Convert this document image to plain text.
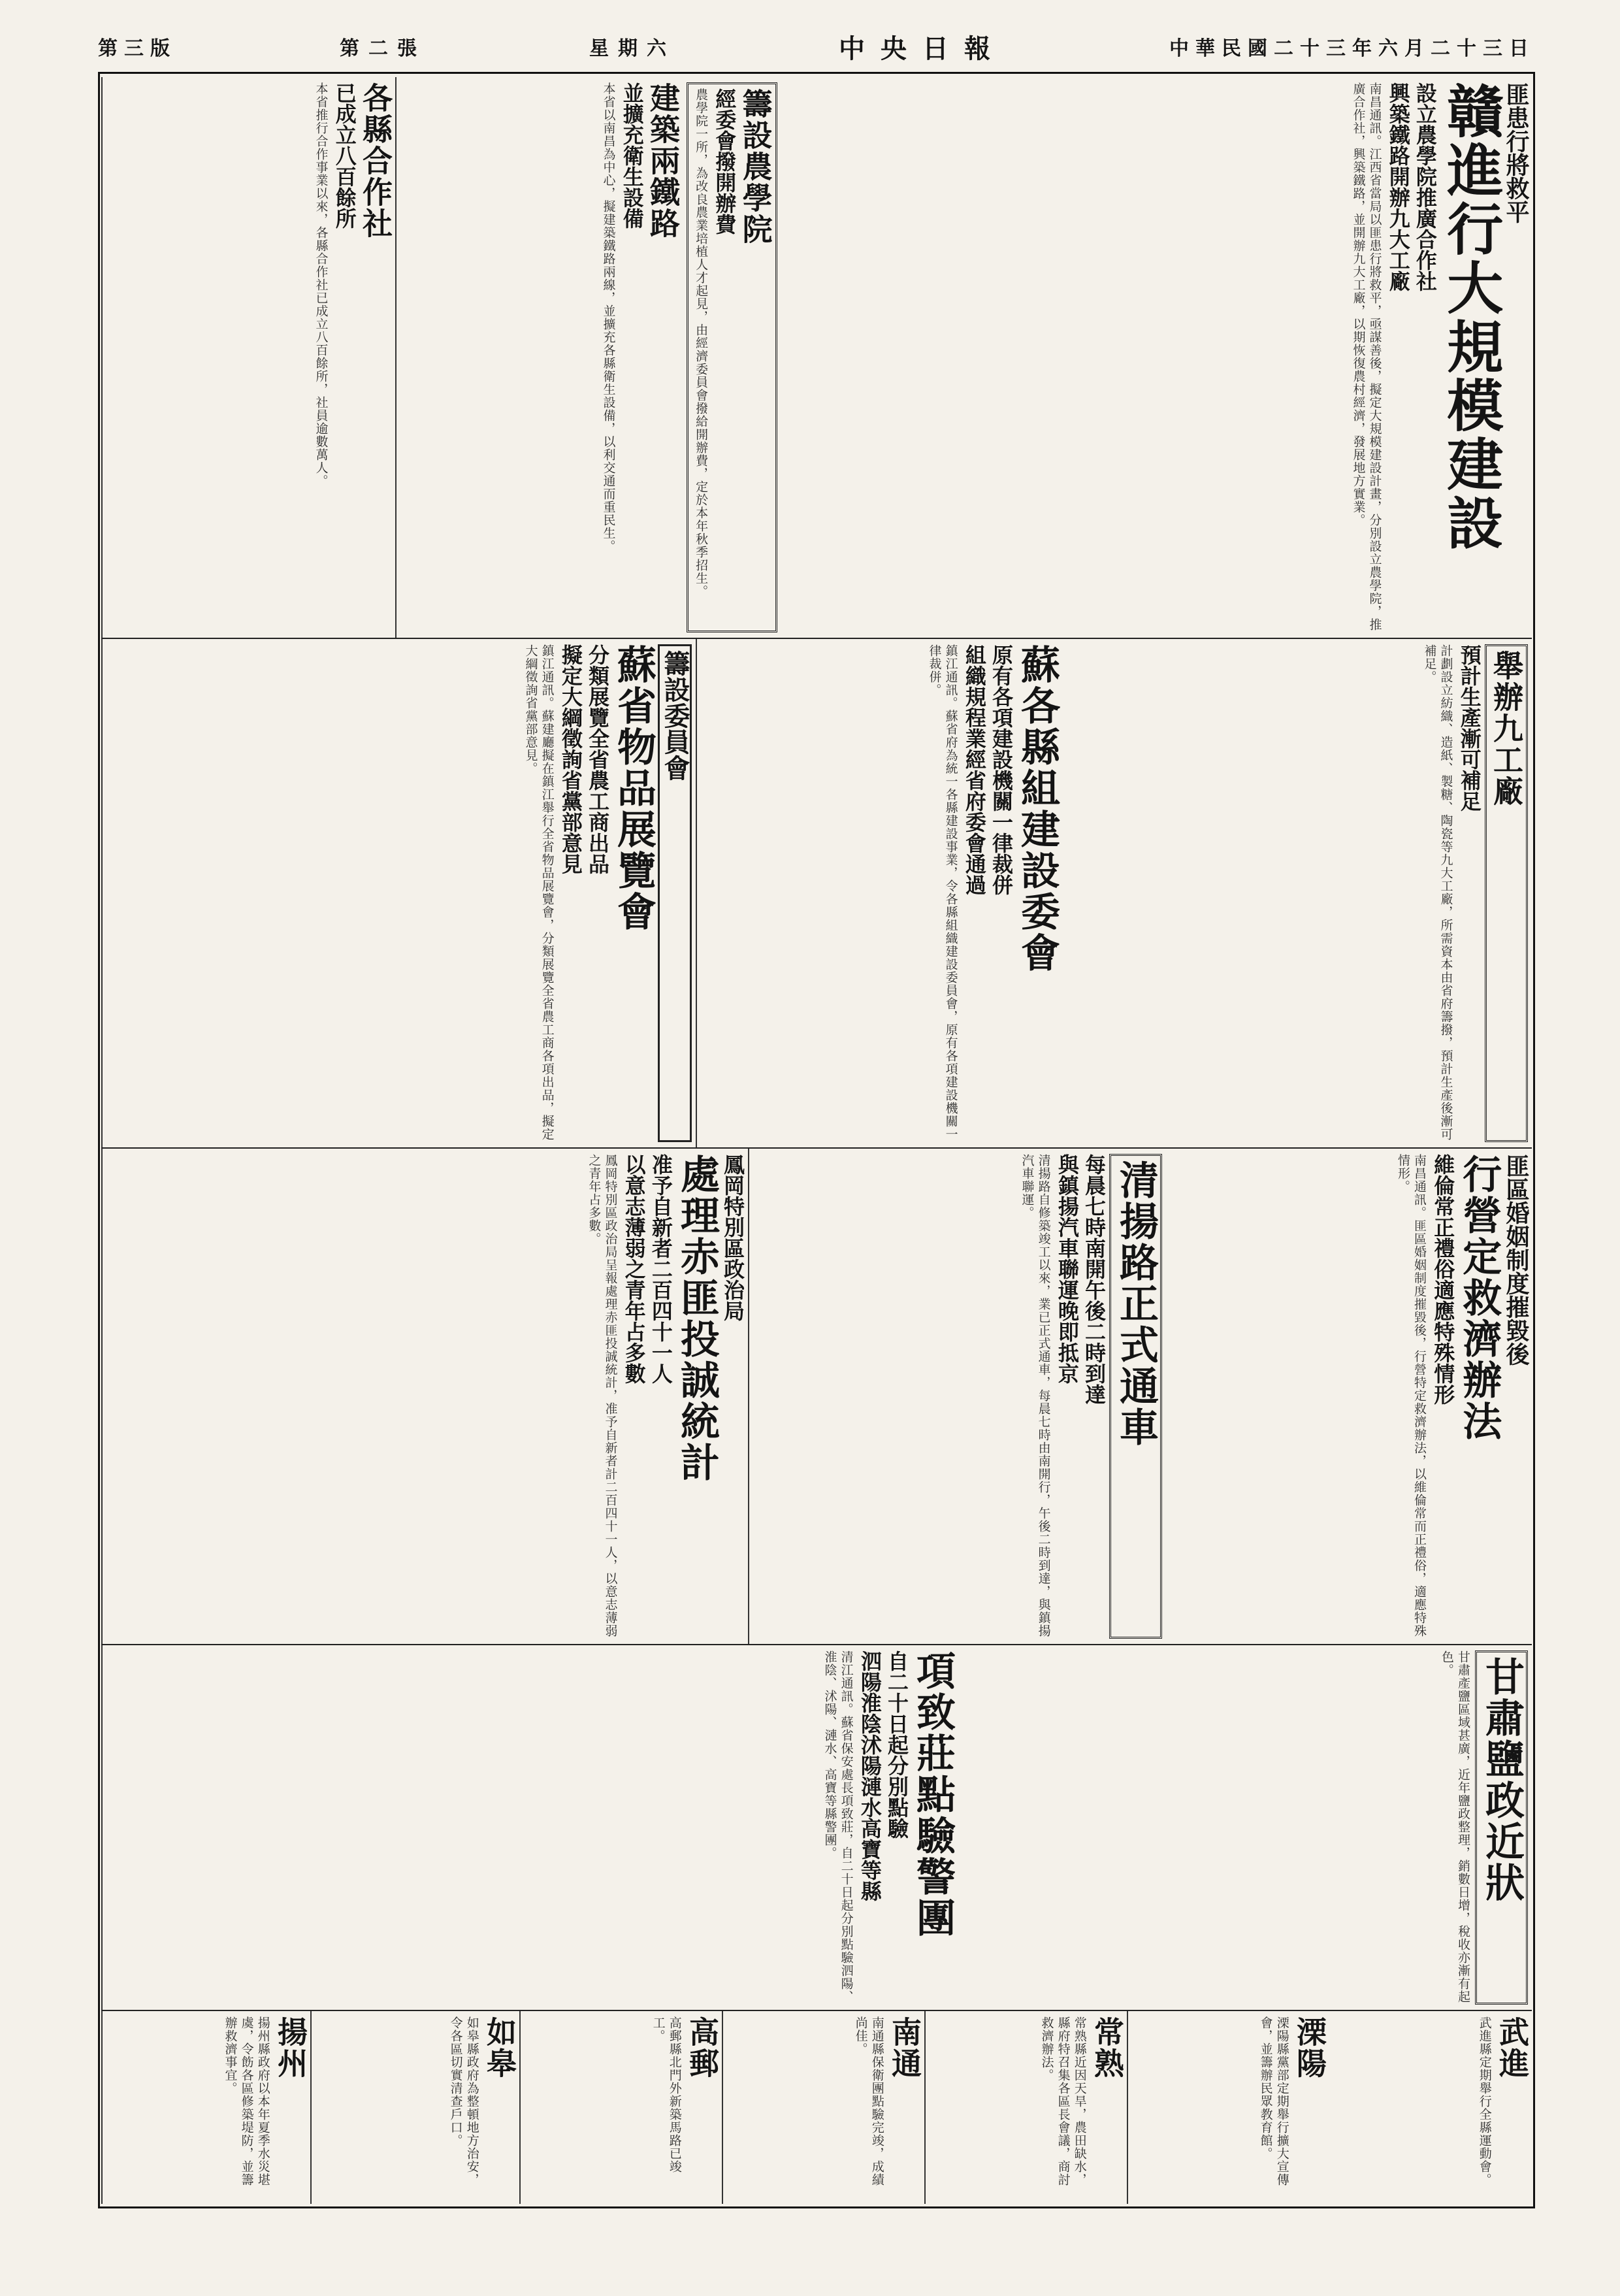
第三版	第二張	星期六	中央日報	中華民國二十三年六月二十三日
匪患行將救平
贛進行大規模建設
設立農學院推廣合作社
興築鐵路開辦九大工廠
南昌通訊。江西省當局以匪患行將救平，亟謀善後，擬定大規模建設計畫，分別設立農學院，推廣合作社，興築鐵路，並開辦九大工廠，以期恢復農村經濟，發展地方實業。
籌設農學院
經委會撥開辦費
農學院一所，為改良農業培植人才起見，由經濟委員會撥給開辦費，定於本年秋季招生。
建築兩鐵路
並擴充衛生設備
本省以南昌為中心，擬建築鐵路兩線，並擴充各縣衛生設備，以利交通而重民生。
各縣合作社
已成立八百餘所
本省推行合作事業以來，各縣合作社已成立八百餘所，社員逾數萬人。
舉辦九工廠
預計生產漸可補足
計劃設立紡織、造紙、製糖、陶瓷等九大工廠，所需資本由省府籌撥，預計生產後漸可補足。
蘇各縣組建設委會
原有各項建設機關一律裁併
組織規程業經省府委會通過
鎮江通訊。蘇省府為統一各縣建設事業，令各縣組織建設委員會，原有各項建設機關一律裁併。
籌設委員會
蘇省物品展覽會
分類展覽全省農工商出品
擬定大綱徵詢省黨部意見
鎮江通訊。蘇建廳擬在鎮江舉行全省物品展覽會，分類展覽全省農工商各項出品，擬定大綱徵詢省黨部意見。
匪區婚姻制度摧毀後
行營定救濟辦法
維倫常正禮俗適應特殊情形
南昌通訊。匪區婚姻制度摧毀後，行營特定救濟辦法，以維倫常而正禮俗，適應特殊情形。
清揚路正式通車
每晨七時南開午後二時到達
與鎮揚汽車聯運晚即抵京
清揚路自修築竣工以來，業已正式通車，每晨七時由南開行，午後二時到達，與鎮揚汽車聯運。
鳳岡特別區政治局
處理赤匪投誠統計
准予自新者二百四十一人
以意志薄弱之青年占多數
鳳岡特別區政治局呈報處理赤匪投誠統計，准予自新者計二百四十一人，以意志薄弱之青年占多數。
甘肅鹽政近狀
甘肅產鹽區域甚廣，近年鹽政整理，銷數日增，稅收亦漸有起色。
項致莊點驗警團
自二十日起分別點驗
泗陽淮陰沭陽漣水高寶等縣
清江通訊。蘇省保安處長項致莊，自二十日起分別點驗泗陽、淮陰、沭陽、漣水、高寶等縣警團。
武進
武進縣定期舉行全縣運動會。
溧陽
溧陽縣黨部定期舉行擴大宣傳會，並籌辦民眾教育館。
常熟
常熟縣近因天旱，農田缺水，縣府特召集各區長會議，商討救濟辦法。
南通
南通縣保衛團點驗完竣，成績尚佳。
高郵
高郵縣北門外新築馬路已竣工。
如皋
如皋縣政府為整頓地方治安，令各區切實清查戶口。
揚州
揚州縣政府以本年夏季水災堪虞，令飭各區修築堤防，並籌辦救濟事宜。
